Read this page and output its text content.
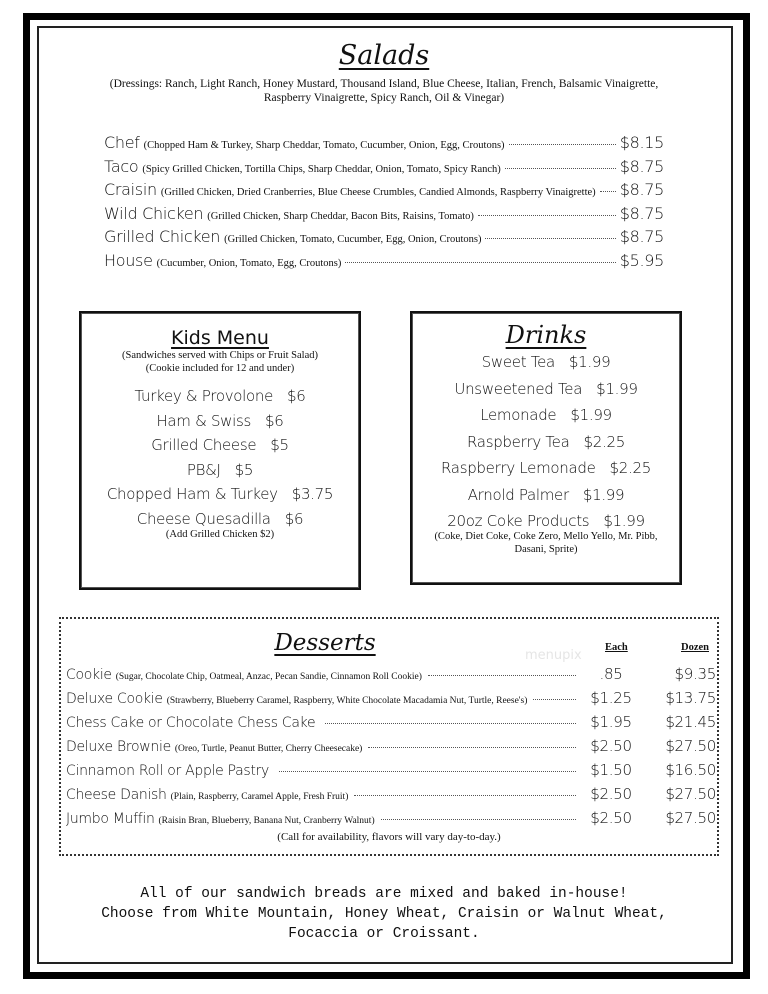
Salads
(Dressings: Ranch, Light Ranch, Honey Mustard, Thousand Island, Blue Cheese, Italian, French, Balsamic Vinaigrette, Raspberry Vinaigrette, Spicy Ranch, Oil & Vinegar)
Chef (Chopped Ham & Turkey, Sharp Cheddar, Tomato, Cucumber, Onion, Egg, Croutons)	$8.15
Taco (Spicy Grilled Chicken, Tortilla Chips, Sharp Cheddar, Onion, Tomato, Spicy Ranch)	$8.75
Craisin (Grilled Chicken, Dried Cranberries, Blue Cheese Crumbles, Candied Almonds, Raspberry Vinaigrette) $8.75
Wild Chicken (Grilled Chicken, Sharp Cheddar, Bacon Bits, Raisins, Tomato)	$8.75
Grilled Chicken (Grilled Chicken, Tomato, Cucumber, Egg, Onion, Croutons)	$8.75
House (Cucumber, Onion, Tomato, Egg, Croutons)	$5.95
Kids Menu
(Sandwiches served with Chips or Fruit Salad)
(Cookie included for 12 and under)
Turkey & Provolone $6
Ham & Swiss $6
Grilled Cheese $5
PB&J $5
Chopped Ham & Turkey $3.75
Cheese Quesadilla $6
(Add Grilled Chicken $2)
Drinks
Sweet Tea $1.99
Unsweetened Tea $1.99
Lemonade $1.99
Raspberry Tea $2.25
Raspberry Lemonade $2.25
Arnold Palmer $1.99
20oz Coke Products $1.99
(Coke, Diet Coke, Coke Zero, Mello Yello, Mr. Pibb, Dasani, Sprite)
Desserts	Each	Dozen
Cookie (Sugar, Chocolate Chip, Oatmeal, Anzac, Pecan Sandie, Cinnamon Roll Cookie)	.85	$9.35
Deluxe Cookie (Strawberry, Blueberry Caramel, Raspberry, White Chocolate Macadamia Nut, Turtle, Reese's)	$1.25	$13.75
Chess Cake or Chocolate Chess Cake	$1.95	$21.45
Deluxe Brownie (Oreo, Turtle, Peanut Butter, Cherry Cheesecake)	$2.50	$27.50
Cinnamon Roll or Apple Pastry	$1.50	$16.50
Cheese Danish (Plain, Raspberry, Caramel Apple, Fresh Fruit)	$2.50	$27.50
Jumbo Muffin (Raisin Bran, Blueberry, Banana Nut, Cranberry Walnut)	$2.50	$27.50
(Call for availability, flavors will vary day-to-day.)
menupix
All of our sandwich breads are mixed and baked in-house!
Choose from White Mountain, Honey Wheat, Craisin or Walnut Wheat,
Focaccia or Croissant.
